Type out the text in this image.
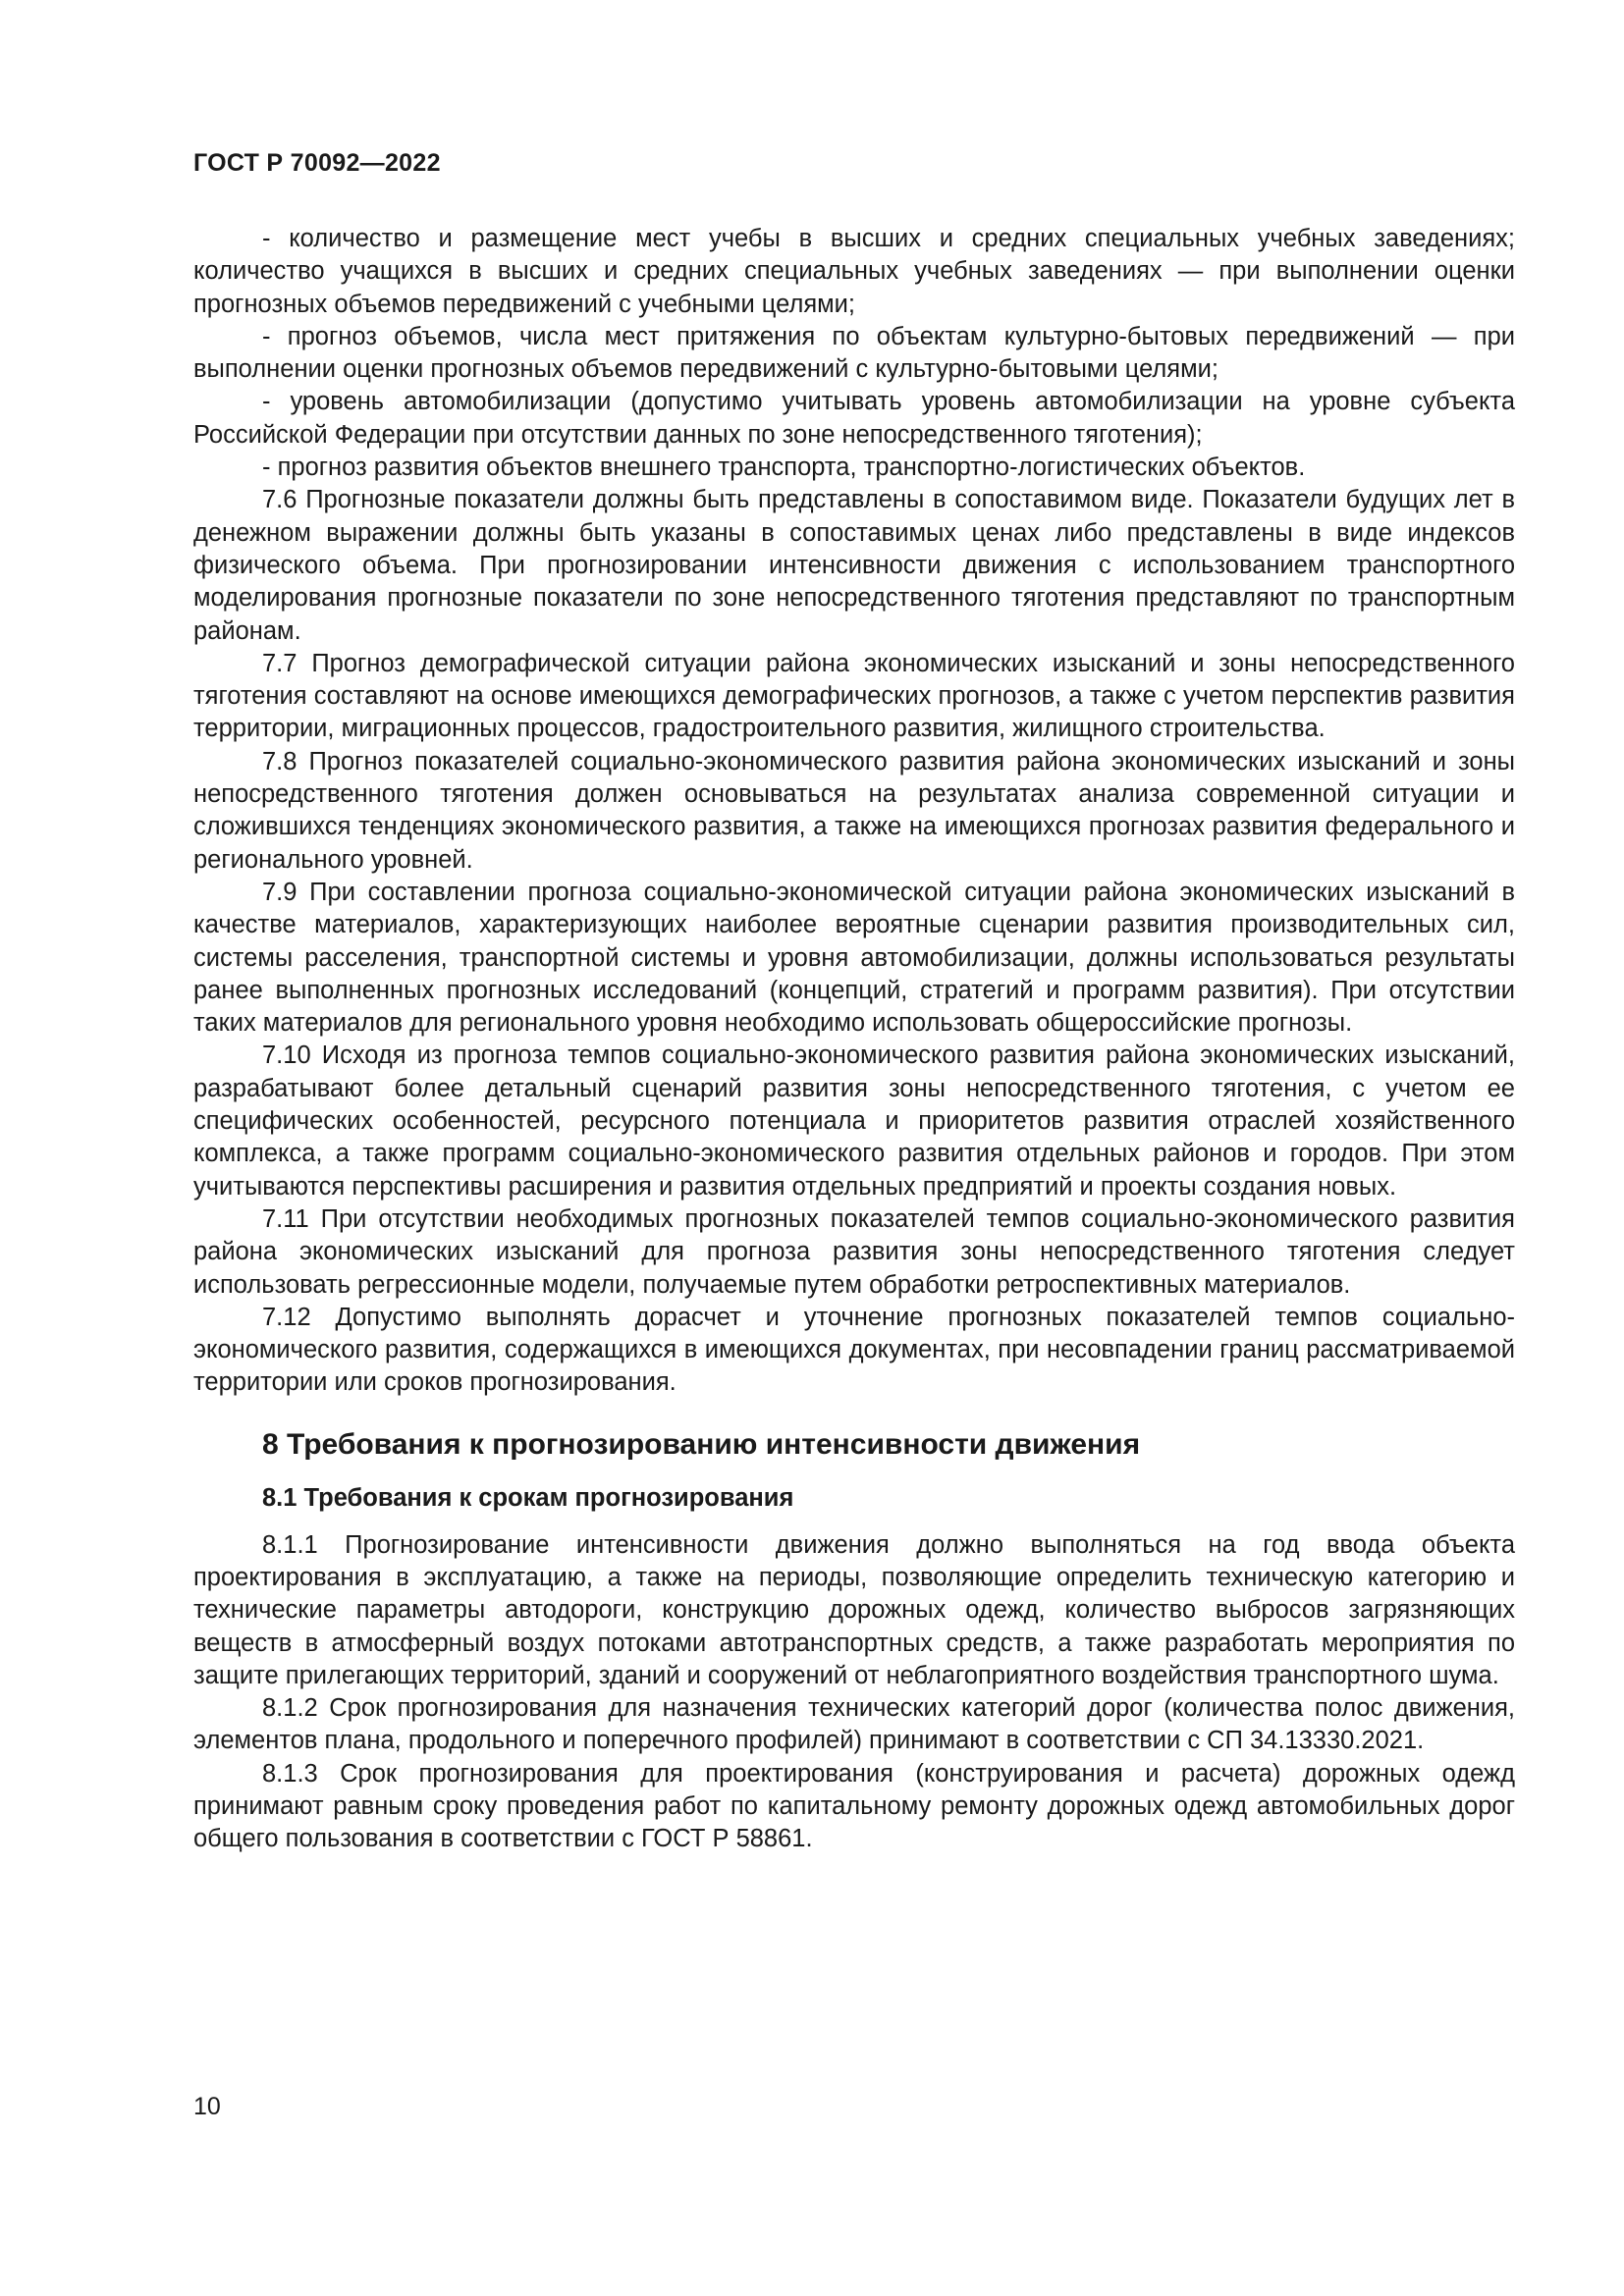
ГОСТ Р 70092—2022

- количество и размещение мест учебы в высших и средних специальных учебных заведениях; количество учащихся в высших и средних специальных учебных заведениях — при выполнении оценки прогнозных объемов передвижений с учебными целями;

- прогноз объемов, числа мест притяжения по объектам культурно-бытовых передвижений — при выполнении оценки прогнозных объемов передвижений с культурно-бытовыми целями;

- уровень автомобилизации (допустимо учитывать уровень автомобилизации на уровне субъекта Российской Федерации при отсутствии данных по зоне непосредственного тяготения);

- прогноз развития объектов внешнего транспорта, транспортно-логистических объектов.

7.6 Прогнозные показатели должны быть представлены в сопоставимом виде. Показатели будущих лет в денежном выражении должны быть указаны в сопоставимых ценах либо представлены в виде индексов физического объема. При прогнозировании интенсивности движения с использованием транспортного моделирования прогнозные показатели по зоне непосредственного тяготения представляют по транспортным районам.

7.7 Прогноз демографической ситуации района экономических изысканий и зоны непосредственного тяготения составляют на основе имеющихся демографических прогнозов, а также с учетом перспектив развития территории, миграционных процессов, градостроительного развития, жилищного строительства.

7.8 Прогноз показателей социально-экономического развития района экономических изысканий и зоны непосредственного тяготения должен основываться на результатах анализа современной ситуации и сложившихся тенденциях экономического развития, а также на имеющихся прогнозах развития федерального и регионального уровней.

7.9 При составлении прогноза социально-экономической ситуации района экономических изысканий в качестве материалов, характеризующих наиболее вероятные сценарии развития производительных сил, системы расселения, транспортной системы и уровня автомобилизации, должны использоваться результаты ранее выполненных прогнозных исследований (концепций, стратегий и программ развития). При отсутствии таких материалов для регионального уровня необходимо использовать общероссийские прогнозы.

7.10 Исходя из прогноза темпов социально-экономического развития района экономических изысканий, разрабатывают более детальный сценарий развития зоны непосредственного тяготения, с учетом ее специфических особенностей, ресурсного потенциала и приоритетов развития отраслей хозяйственного комплекса, а также программ социально-экономического развития отдельных районов и городов. При этом учитываются перспективы расширения и развития отдельных предприятий и проекты создания новых.

7.11 При отсутствии необходимых прогнозных показателей темпов социально-экономического развития района экономических изысканий для прогноза развития зоны непосредственного тяготения следует использовать регрессионные модели, получаемые путем обработки ретроспективных материалов.

7.12 Допустимо выполнять дорасчет и уточнение прогнозных показателей темпов социально-экономического развития, содержащихся в имеющихся документах, при несовпадении границ рассматриваемой территории или сроков прогнозирования.

8 Требования к прогнозированию интенсивности движения
8.1 Требования к срокам прогнозирования

8.1.1 Прогнозирование интенсивности движения должно выполняться на год ввода объекта проектирования в эксплуатацию, а также на периоды, позволяющие определить техническую категорию и технические параметры автодороги, конструкцию дорожных одежд, количество выбросов загрязняющих веществ в атмосферный воздух потоками автотранспортных средств, а также разработать мероприятия по защите прилегающих территорий, зданий и сооружений от неблагоприятного воздействия транспортного шума.

8.1.2 Срок прогнозирования для назначения технических категорий дорог (количества полос движения, элементов плана, продольного и поперечного профилей) принимают в соответствии с СП 34.13330.2021.

8.1.3 Срок прогнозирования для проектирования (конструирования и расчета) дорожных одежд принимают равным сроку проведения работ по капитальному ремонту дорожных одежд автомобильных дорог общего пользования в соответствии с ГОСТ Р 58861.

10
